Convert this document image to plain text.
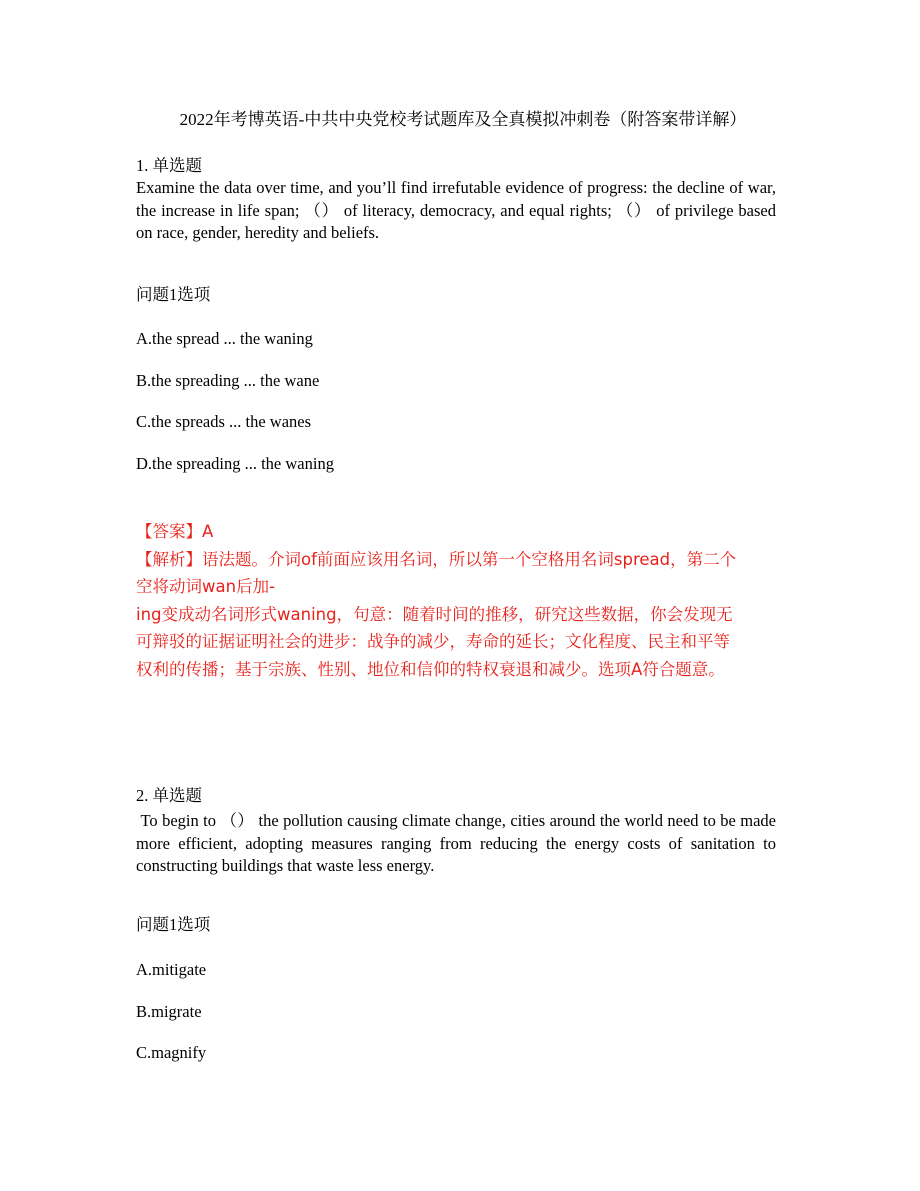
2022年考博英语-中共中央党校考试题库及全真模拟冲刺卷（附答案带详解）
1. 单选题
Examine the data over time, and you’ll find irrefutable evidence of progress: the decline of war, the increase in life span; （） of literacy, democracy, and equal rights; （） of privilege based on race, gender, heredity and beliefs.
问题1选项
A.the spread ... the waning
B.the spreading ... the wane
C.the spreads ... the wanes
D.the spreading ... the waning
【答案】A
【解析】语法题。介词of前面应该用名词，所以第一个空格用名词spread，第二个
空将动词wan后加-
ing变成动名词形式waning，句意：随着时间的推移，研究这些数据，你会发现无
可辩驳的证据证明社会的进步：战争的减少，寿命的延长；文化程度、民主和平等
权利的传播；基于宗族、性别、地位和信仰的特权衰退和减少。选项A符合题意。
2. 单选题
To begin to （） the pollution causing climate change, cities around the world need to be made more efficient, adopting measures ranging from reducing the energy costs of sanitation to constructing buildings that waste less energy.
问题1选项
A.mitigate
B.migrate
C.magnify
